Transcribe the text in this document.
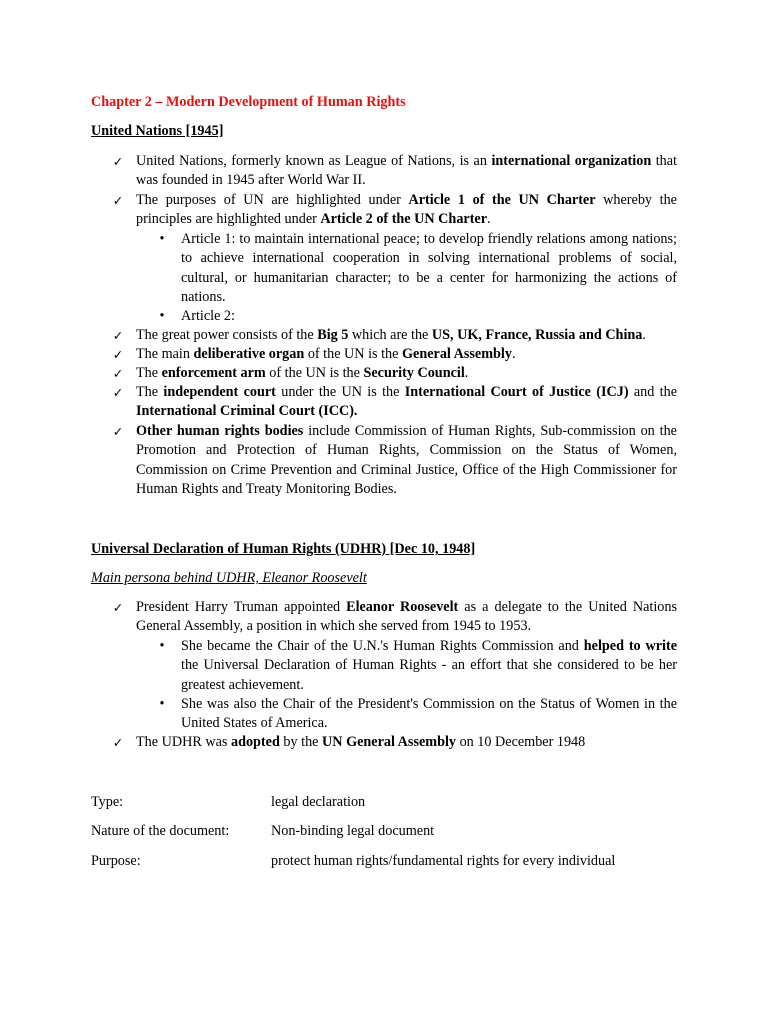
Chapter 2 – Modern Development of Human Rights
United Nations [1945]
✓ United Nations, formerly known as League of Nations, is an international organization that was founded in 1945 after World War II.
✓ The purposes of UN are highlighted under Article 1 of the UN Charter whereby the principles are highlighted under Article 2 of the UN Charter.
• Article 1: to maintain international peace; to develop friendly relations among nations; to achieve international cooperation in solving international problems of social, cultural, or humanitarian character; to be a center for harmonizing the actions of nations.
• Article 2:
✓ The great power consists of the Big 5 which are the US, UK, France, Russia and China.
✓ The main deliberative organ of the UN is the General Assembly.
✓ The enforcement arm of the UN is the Security Council.
✓ The independent court under the UN is the International Court of Justice (ICJ) and the International Criminal Court (ICC).
✓ Other human rights bodies include Commission of Human Rights, Sub-commission on the Promotion and Protection of Human Rights, Commission on the Status of Women, Commission on Crime Prevention and Criminal Justice, Office of the High Commissioner for Human Rights and Treaty Monitoring Bodies.
Universal Declaration of Human Rights (UDHR) [Dec 10, 1948]
Main persona behind UDHR, Eleanor Roosevelt
✓ President Harry Truman appointed Eleanor Roosevelt as a delegate to the United Nations General Assembly, a position in which she served from 1945 to 1953.
• She became the Chair of the U.N.'s Human Rights Commission and helped to write the Universal Declaration of Human Rights - an effort that she considered to be her greatest achievement.
• She was also the Chair of the President's Commission on the Status of Women in the United States of America.
✓ The UDHR was adopted by the UN General Assembly on 10 December 1948
Type:	legal declaration
Nature of the document:	Non-binding legal document
Purpose:	protect human rights/fundamental rights for every individual
